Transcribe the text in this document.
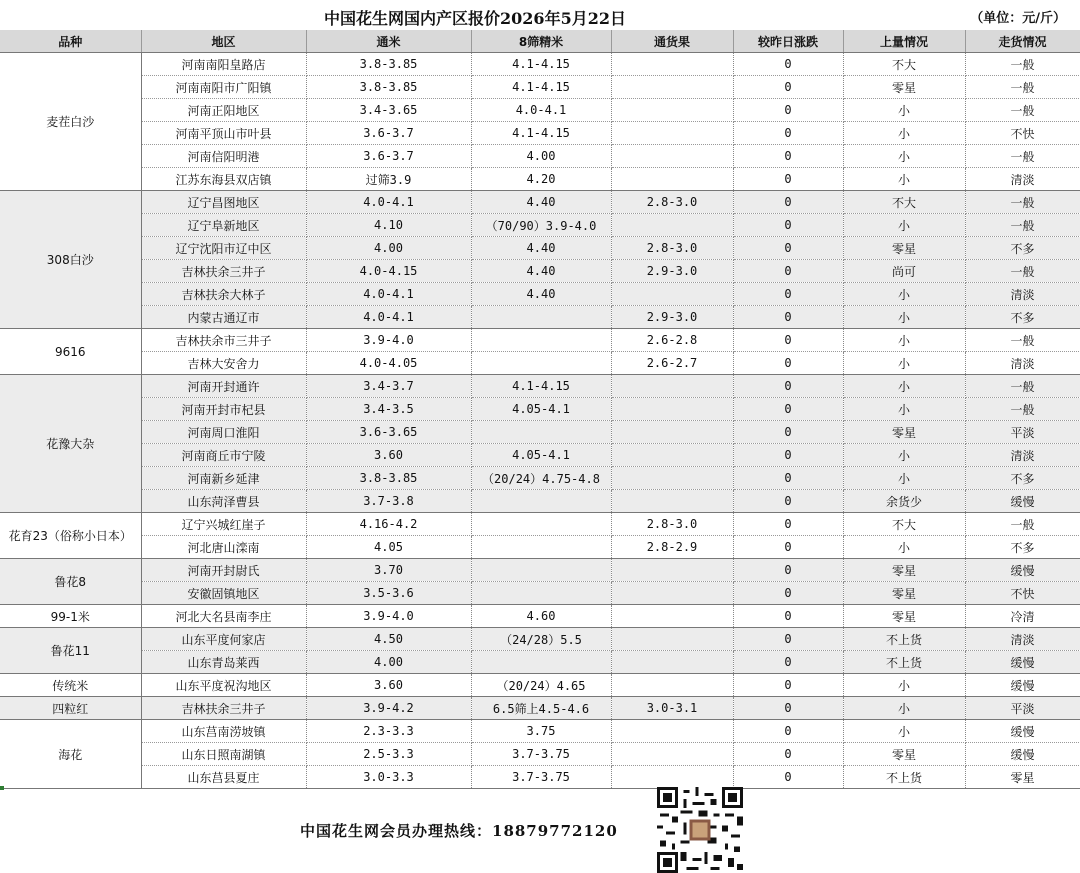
中国花生网国内产区报价2026年5月22日	（单位：元/斤）
品种	地区	通米	8筛精米	通货果	较昨日涨跌	上量情况	走货情况
麦茬白沙	河南南阳皇路店	3.8-3.85	4.1-4.15		0	不大	一般
	河南南阳市广阳镇	3.8-3.85	4.1-4.15		0	零星	一般
	河南正阳地区	3.4-3.65	4.0-4.1		0	小	一般
	河南平顶山市叶县	3.6-3.7	4.1-4.15		0	小	不快
	河南信阳明港	3.6-3.7	4.00		0	小	一般
	江苏东海县双店镇	过筛3.9	4.20		0	小	清淡
308白沙	辽宁昌图地区	4.0-4.1	4.40	2.8-3.0	0	不大	一般
	辽宁阜新地区	4.10	（70/90）3.9-4.0		0	小	一般
	辽宁沈阳市辽中区	4.00	4.40	2.8-3.0	0	零星	不多
	吉林扶余三井子	4.0-4.15	4.40	2.9-3.0	0	尚可	一般
	吉林扶余大林子	4.0-4.1	4.40		0	小	清淡
	内蒙古通辽市	4.0-4.1		2.9-3.0	0	小	不多
9616	吉林扶余市三井子	3.9-4.0		2.6-2.8	0	小	一般
	吉林大安舍力	4.0-4.05		2.6-2.7	0	小	清淡
花豫大杂	河南开封通许	3.4-3.7	4.1-4.15		0	小	一般
	河南开封市杞县	3.4-3.5	4.05-4.1		0	小	一般
	河南周口淮阳	3.6-3.65			0	零星	平淡
	河南商丘市宁陵	3.60	4.05-4.1		0	小	清淡
	河南新乡延津	3.8-3.85	（20/24）4.75-4.8		0	小	不多
	山东菏泽曹县	3.7-3.8			0	余货少	缓慢
花育23（俗称小日本）	辽宁兴城红崖子	4.16-4.2		2.8-3.0	0	不大	一般
	河北唐山滦南	4.05		2.8-2.9	0	小	不多
鲁花8	河南开封尉氏	3.70			0	零星	缓慢
	安徽固镇地区	3.5-3.6			0	零星	不快
99-1米	河北大名县南李庄	3.9-4.0	4.60		0	零星	冷清
鲁花11	山东平度何家店	4.50	（24/28）5.5		0	不上货	清淡
	山东青岛莱西	4.00			0	不上货	缓慢
传统米	山东平度祝沟地区	3.60	（20/24）4.65		0	小	缓慢
四粒红	吉林扶余三井子	3.9-4.2	6.5筛上4.5-4.6	3.0-3.1	0	小	平淡
海花	山东莒南涝坡镇	2.3-3.3	3.75		0	小	缓慢
	山东日照南湖镇	2.5-3.3	3.7-3.75		0	零星	缓慢
	山东莒县夏庄	3.0-3.3	3.7-3.75		0	不上货	零星
中国花生网会员办理热线：18879772120
